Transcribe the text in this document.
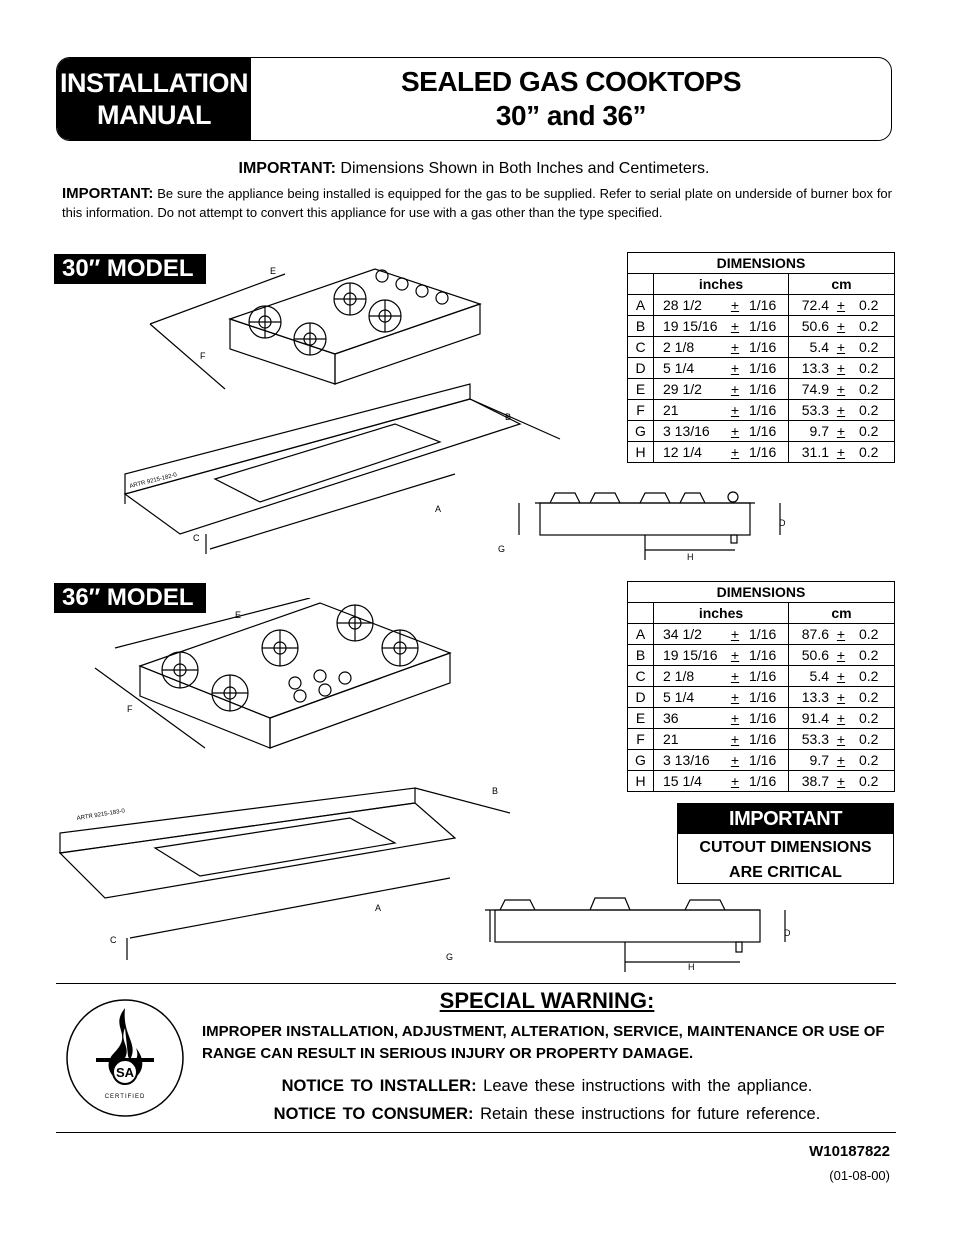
INSTALLATION
MANUAL
SEALED GAS COOKTOPS
30” and 36”
IMPORTANT: Dimensions Shown in Both Inches and Centimeters.
IMPORTANT: Be sure the appliance being installed is equipped for the gas to be supplied. Refer to serial plate on underside of burner box for this information. Do not attempt to convert this appliance for use with a gas other than the type specified.
30″ MODEL	E
F
ARTR 9215-182-0
A
B
C
G
D
H
DIMENSIONS		
	inches	cm
A	28 1/2 + 1/16	72.4 + 0.2
B	19 15/16 + 1/16	50.6 + 0.2
C	2 1/8 + 1/16	5.4 + 0.2
D	5 1/4 + 1/16	13.3 + 0.2
E	29 1/2 + 1/16	74.9 + 0.2
F	21 + 1/16	53.3 + 0.2
G	3 13/16 + 1/16	9.7 + 0.2
H	12 1/4 + 1/16	31.1 + 0.2
36″ MODEL
E
F
ARTR 9215-183-0
A
B
C
G
D
H
DIMENSIONS		
	inches	cm
A	34 1/2 + 1/16	87.6 + 0.2
B	19 15/16 + 1/16	50.6 + 0.2
C	2 1/8 + 1/16	5.4 + 0.2
D	5 1/4 + 1/16	13.3 + 0.2
E	36 + 1/16	91.4 + 0.2
F	21 + 1/16	53.3 + 0.2
G	3 13/16 + 1/16	9.7 + 0.2
H	15 1/4 + 1/16	38.7 + 0.2
IMPORTANT
CUTOUT DIMENSIONS
ARE CRITICAL
SA
CERTIFIED
SPECIAL WARNING:
IMPROPER INSTALLATION, ADJUSTMENT, ALTERATION, SERVICE, MAINTENANCE OR USE OF RANGE CAN RESULT IN SERIOUS INJURY OR PROPERTY DAMAGE.
NOTICE TO INSTALLER: Leave these instructions with the appliance.
NOTICE TO CONSUMER: Retain these instructions for future reference.
W10187822
(01-08-00)
